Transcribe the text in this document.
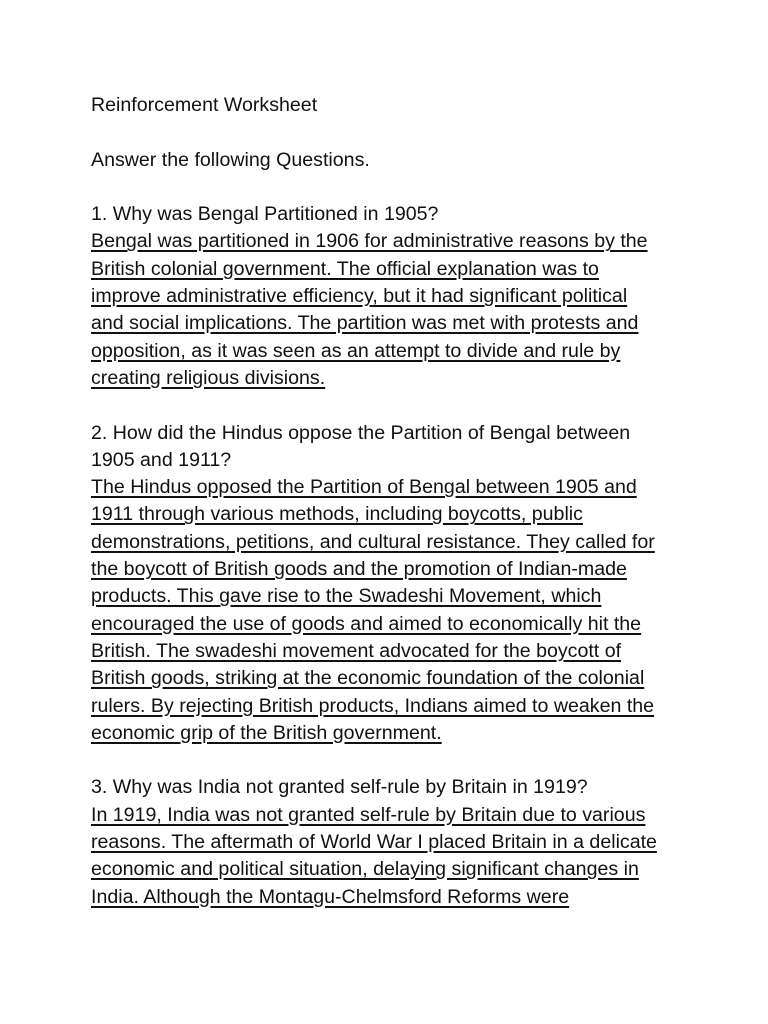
Reinforcement Worksheet
Answer the following Questions.
1. Why was Bengal Partitioned in 1905?
Bengal was partitioned in 1906 for administrative reasons by the
British colonial government. The official explanation was to
improve administrative efficiency, but it had significant political
and social implications. The partition was met with protests and
opposition, as it was seen as an attempt to divide and rule by
creating religious divisions.
2. How did the Hindus oppose the Partition of Bengal between
1905 and 1911?
The Hindus opposed the Partition of Bengal between 1905 and
1911 through various methods, including boycotts, public
demonstrations, petitions, and cultural resistance. They called for
the boycott of British goods and the promotion of Indian-made
products. This gave rise to the Swadeshi Movement, which
encouraged the use of goods and aimed to economically hit the
British. The swadeshi movement advocated for the boycott of
British goods, striking at the economic foundation of the colonial
rulers. By rejecting British products, Indians aimed to weaken the
economic grip of the British government.
3. Why was India not granted self-rule by Britain in 1919?
In 1919, India was not granted self-rule by Britain due to various
reasons. The aftermath of World War I placed Britain in a delicate
economic and political situation, delaying significant changes in
India. Although the Montagu-Chelmsford Reforms were
